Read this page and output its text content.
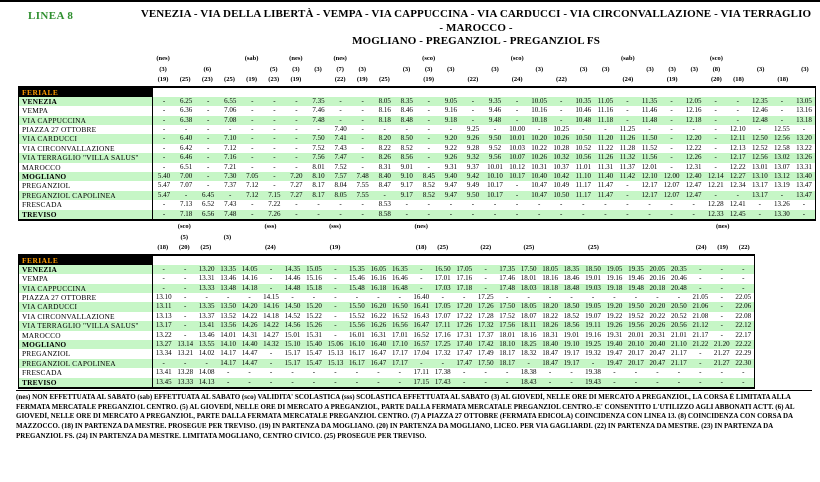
LINEA 8	VENEZIA - VIA DELLA LIBERTÀ - VEMPA - VIA CAPPUCCINA - VIA CARDUCCI - VIA CIRCONVALLAZIONE - VIA TERRAGLIO - MAROCCO -
MOGLIANO - PREGANZIOL - PREGANZIOL FS
(nes)	(sab)	(nes)	(nes)	(sco)	(sco)	(sab)	(sco)
(3)	(6)	(5)	(3)	(3)	(7)	(3)	(3)	(3)	(3)	(3)	(3)	(3)	(3)	(3)	(3)	(3)	(8)	(3)	(3)
(19)	(25)	(23)	(25)	(19)	(23)	(19)	(22)	(19)	(25)	(19)	(22)	(24)	(22)	(24)	(19)	(20)	(18)	(18)
FERIALE
VENEZIA	-	6.25	-	6.55	-	-	-	7.35	-	-	8.05	8.35	-	9.05	-	9.35	-	10.05	-	10.35 11.05	-	11.35	-	12.05	-	-	12.35	-	13.05
VEMPA	-	6.36	-	7.06	-	-	-	7.46	-	-	8.16	8.46	-	9.16	-	9.46	-	10.16	-	10.46 11.16	-	11.46	-	12.16	-	-	12.46	-	13.16
VIA CAPPUCCINA	-	6.38	-	7.08	-	-	-	7.48	-	-	8.18	8.48	-	9.18	-	9.48	-	10.18	-	10.48 11.18	-	11.48	-	12.18	-	-	12.48	-	13.18
PIAZZA 27 OTTOBRE	-	-	-	-	-	-	-	-	7.40	-	-	-	-	-	9.25	-	10.00	-	10.25	-	-	11.25	-	-	-	-	12.10	-	12.55	-
VIA CARDUCCI	-	6.40	-	7.10	-	-	-	7.50	7.41	-	8.20	8.50	-	9.20	9.26	9.50	10.01 10.20 10.26 10.50 11.20 11.26 11.50	-	12.20	-	12.11 12.50 12.56 13.20
VIA CIRCONVALLAZIONE	-	6.42	-	7.12	-	-	-	7.52	7.43	-	8.22	8.52	-	9.22	9.28	9.52	10.03 10.22 10.28 10.52 11.22 11.28 11.52	-	12.22	-	12.13 12.52 12.58 13.22
VIA TERRAGLIO "VILLA SALUS"	-	6.46	-	7.16	-	-	-	7.56	7.47	-	8.26	8.56	-	9.26	9.32	9.56	10.07 10.26 10.32 10.56 11.26 11.32 11.56	-	12.26	-	12.17 12.56 13.02 13.26
MAROCCO	-	6.51	-	7.21	-	-	-	8.01	7.52	-	8.31	9.01	-	9.31	9.37	10.01 10.12 10.31 10.37 11.01 11.31 11.37 12.01	-	12.31	-	12.22 13.01 13.07 13.31
MOGLIANO	5.40	7.00	-	7.30	7.05	-	7.20	8.10	7.57	7.48	8.40	9.10	8.45	9.40	9.42	10.10 10.17 10.40 10.42 11.10 11.40 11.42 12.10 12.00 12.40 12.14 12.27 13.10 13.12 13.40
PREGANZIOL	5.47	7.07	-	7.37	7.12	-	7.27	8.17	8.04	7.55	8.47	9.17	8.52	9.47	9.49	10.17	-	10.47 10.49 11.17 11.47	-	12.17 12.07 12.47 12.21 12.34 13.17 13.19 13.47
PREGANZIOL CAPOLINEA	5.47	-	6.45	-	7.12	7.15	7.27	8.17	8.05	7.55	-	9.17	8.52	9.47	9.50	10.17	-	10.47 10.50 11.17 11.47	-	12.17 12.07 12.47	-	-	13.17	-	13.47
FRESCADA	-	7.13	6.52	7.43	-	7.22	-	-	-	-	8.53	-	-	-	-	-	-	-	-	-	-	-	-	-	-	12.28 12.41	-	13.26	-
TREVISO	-	7.18	6.56	7.48	-	7.26	-	-	-	-	8.58	-	-	-	-	-	-	-	-	-	-	-	-	-	-	12.33 12.45	-	13.30	-
(sco)	(sss)	(sss)	(nes)	(nes)
(5)	(3)
(18)	(20)	(25)	(24)	(19)	(18)	(25)	(22)	(25)	(25)	(24)	(19)	(22)
FERIALE
VENEZIA	-	-	13.20 13.35 14.05	-	14.35 15.05	-	15.35 16.05 16.35	-	16.50 17.05	-	17.35 17.50 18.05 18.35 18.50 19.05 19.35 20.05 20.35	-	-	-
VEMPA	-	-	13.31 13.46 14.16	-	14.46 15.16	-	15.46 16.16 16.46	-	17.01 17.16	-	17.46 18.01 18.16 18.46 19.01 19.16 19.46 20.16 20.46	-	-	-
VIA CAPPUCCINA	-	-	13.33 13.48 14.18	-	14.48 15.18	-	15.48 16.18 16.48	-	17.03 17.18	-	17.48 18.03 18.18 18.48 19.03 19.18 19.48 20.18 20.48	-	-	-
PIAZZA 27 OTTOBRE	13.10	-	-	-	-	14.15	-	-	-	-	-	-	16.40	-	-	17.25	-	-	-	-	-	-	-	-	-	21.05	-	22.05
VIA CARDUCCI	13.11	-	13.35 13.50 14.20 14.16 14.50 15.20	-	15.50 16.20 16.50 16.41 17.05 17.20 17.26 17.50 18.05 18.20 18.50 19.05 19.20 19.50 20.20 20.50 21.06	-	22.06
VIA CIRCONVALLAZIONE	13.13	-	13.37 13.52 14.22 14.18 14.52 15.22	-	15.52 16.22 16.52 16.43 17.07 17.22 17.28 17.52 18.07 18.22 18.52 19.07 19.22 19.52 20.22 20.52 21.08	-	22.08
VIA TERRAGLIO "VILLA SALUS"	13.17	-	13.41 13.56 14.26 14.22 14.56 15.26	-	15.56 16.26 16.56 16.47 17.11 17.26 17.32 17.56 18.11 18.26 18.56 19.11 19.26 19.56 20.26 20.56 21.12	-	22.12
MAROCCO	13.22	-	13.46 14.01 14.31 14.27 15.01 15.31	-	16.01 16.31 17.01 16.52 17.16 17.31 17.37 18.01 18.16 18.31 19.01 19.16 19.31 20.01 20.31 21.01 21.17	-	22.17
MOGLIANO	13.27 13.14 13.55 14.10 14.40 14.32 15.10 15.40 15.06 16.10 16.40 17.10 16.57 17.25 17.40 17.42 18.10 18.25 18.40 19.10 19.25 19.40 20.10 20.40 21.10 21.22 21.20 22.22
PREGANZIOL	13.34 13.21 14.02 14.17 14.47	-	15.17 15.47 15.13 16.17 16.47 17.17 17.04 17.32 17.47 17.49 18.17 18.32 18.47 19.17 19.32 19.47 20.17 20.47 21.17	-	21.27 22.29
PREGANZIOL CAPOLINEA	-	-	-	14.17 14.47	-	15.17 15.47 15.13 16.17 16.47 17.17	-	-	17.47 17.50 18.17	-	18.47 19.17	-	19.47 20.17 20.47 21.17	-	21.27 22.30
FRESCADA	13.41 13.28 14.08	-	-	-	-	-	-	-	-	-	17.11 17.38	-	-	-	18.38	-	-	19.38	-	-	-	-	-	-	-
TREVISO	13.45 13.33 14.13	-	-	-	-	-	-	-	-	-	17.15 17.43	-	-	-	18.43	-	-	19.43	-	-	-	-	-	-	-
(nes) NON EFFETTUATA AL SABATO (sab) EFFETTUATA AL SABATO (sco) VALIDITA' SCOLASTICA (sss) SCOLASTICA EFFETTUATA AL SABATO (3) AL GIOVEDÌ, NELLE ORE DI MERCATO A PREGANZIOL, LA CORSA È LIMITATA ALLA
FERMATA MERCATALE PREGANZIOL CENTRO. (5) AL GIOVEDÌ, NELLE ORE DI MERCATO A PREGANZIOL, PARTE DALLA FERMATA MERCATALE PREGANZIOL CENTRO.-E' CONSENTITO L'UTILIZZO AGLI ABBONATI ACTT. (6) AL
GIOVEDÌ, NELLE ORE DI MERCATO A PREGANZIOL, PARTE DALLA FERMATA MERCATALE PREGANZIOL CENTRO. (7) A PIAZZA 27 OTTOBRE (FERMATA EDICOLA) COINCIDENZA CON LINEA 13. (8) COINCIDENZA CON CORSA DA
MAZZOCCO. (18) IN PARTENZA DA MESTRE. PROSEGUE PER TREVISO. (19) IN PARTENZA DA MOGLIANO. (20) IN PARTENZA DA MOGLIANO, LICEO. PER VIA GAGLIARDI. (22) IN PARTENZA DA MESTRE. (23) IN PARTENZA DA
PREGANZIOL FS. (24) IN PARTENZA DA MESTRE. LIMITATA MOGLIANO, CENTRO CIVICO. (25) PROSEGUE PER TREVISO.
